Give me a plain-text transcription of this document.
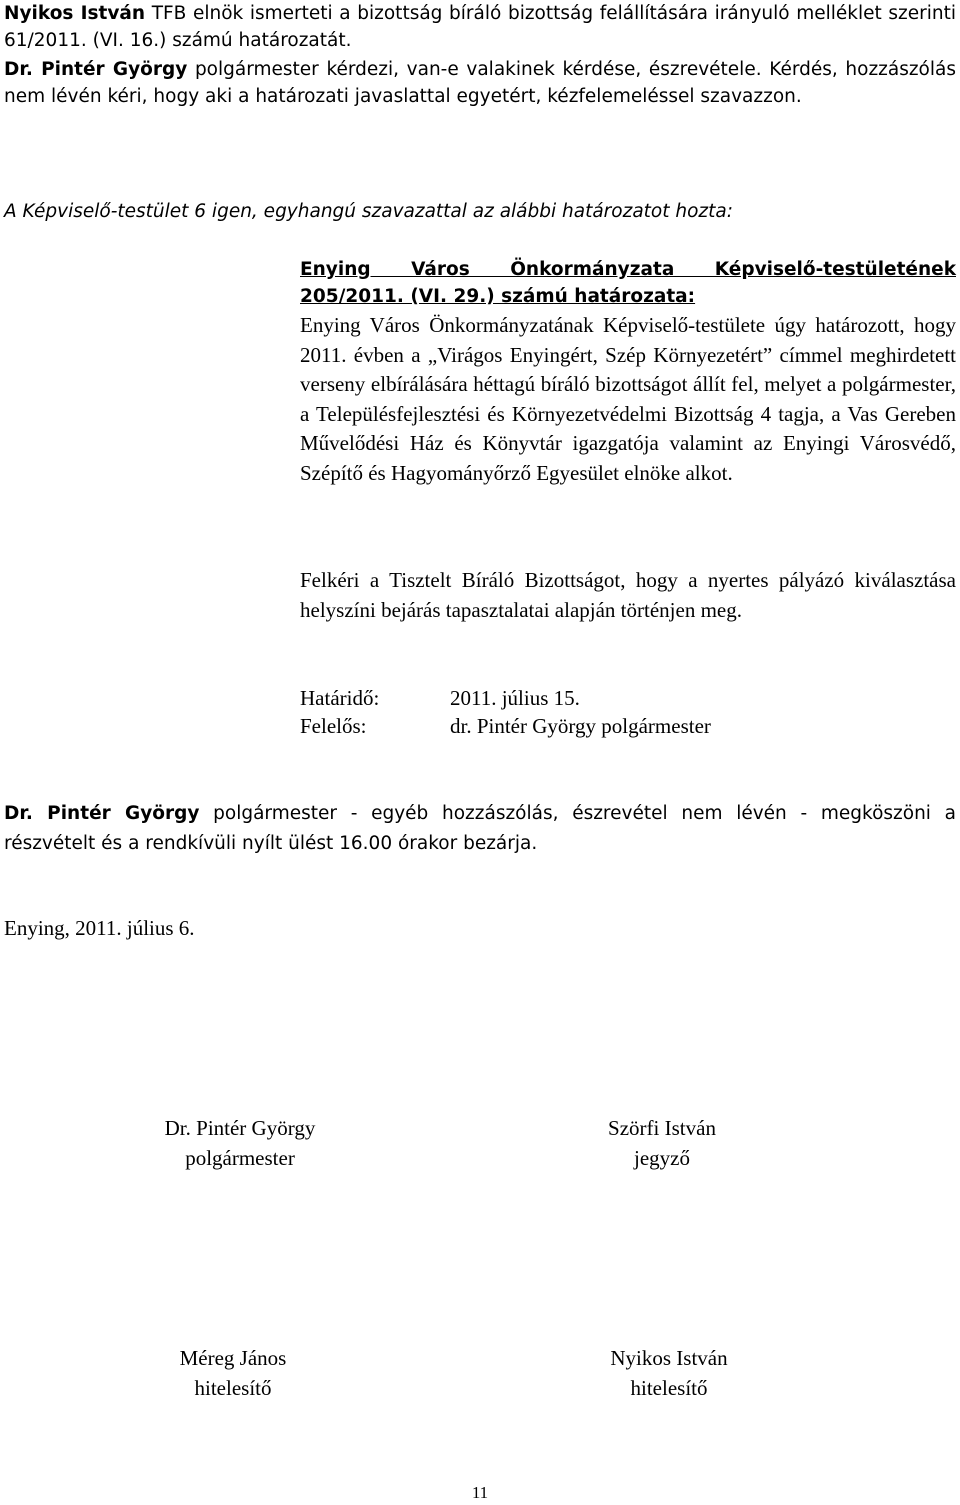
Nyikos István TFB elnök ismerteti a bizottság bíráló bizottság felállítására irányuló melléklet szerinti 61/2011. (VI. 16.) számú határozatát.

Dr. Pintér György polgármester kérdezi, van-e valakinek kérdése, észrevétele. Kérdés, hozzászólás nem lévén kéri, hogy aki a határozati javaslattal egyetért, kézfelemeléssel szavazzon.

A Képviselő-testület 6 igen, egyhangú szavazattal az alábbi határozatot hozta:

Enying Város Önkormányzata Képviselő-testületének 205/2011. (VI. 29.) számú határozata:

Enying Város Önkormányzatának Képviselő-testülete úgy határozott, hogy 2011. évben a „Virágos Enyingért, Szép Környezetért” címmel meghirdetett verseny elbírálására héttagú bíráló bizottságot állít fel, melyet a polgármester, a Településfejlesztési és Környezetvédelmi Bizottság 4 tagja, a Vas Gereben Művelődési Ház és Könyvtár igazgatója valamint az Enyingi Városvédő, Szépítő és Hagyományőrző Egyesület elnöke alkot.

Felkéri a Tisztelt Bíráló Bizottságot, hogy a nyertes pályázó kiválasztása helyszíni bejárás tapasztalatai alapján történjen meg.

Határidő:	2011. július 15.
Felelős:	dr. Pintér György polgármester

Dr. Pintér György polgármester - egyéb hozzászólás, észrevétel nem lévén - megköszöni a részvételt és a rendkívüli nyílt ülést 16.00 órakor bezárja.

Enying, 2011. július 6.

Dr. Pintér György
polgármester
Szörfi István
jegyző
Méreg János
hitelesítő
Nyikos István
hitelesítő
11
